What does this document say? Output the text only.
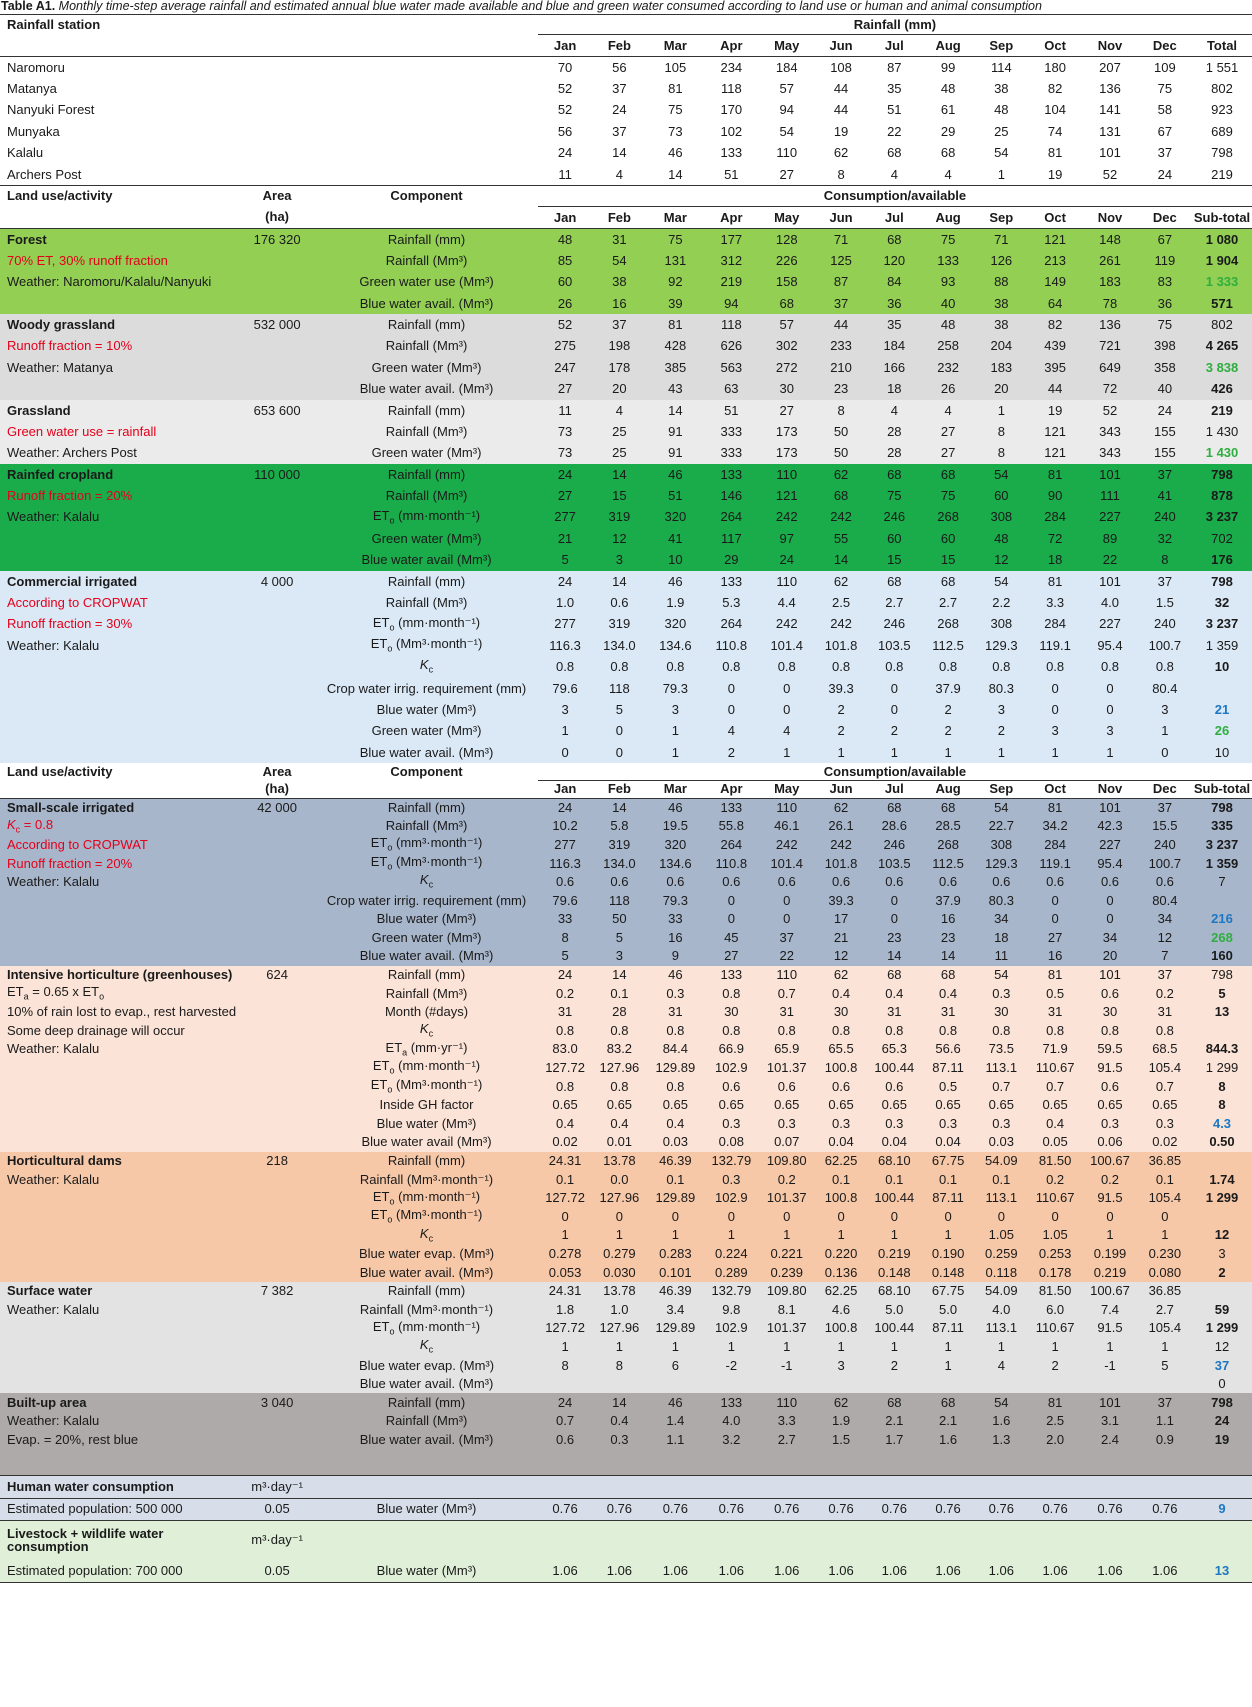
Table A1. Monthly time-step average rainfall and estimated annual blue water made available and blue and green water consumed according to land use or human and animal consumption
Rainfall station			Rainfall (mm)												
			Jan	Feb	Mar	Apr	May	Jun	Jul	Aug	Sep	Oct	Nov	Dec	Total
Naromoru			70	56	105	234	184	108	87	99	114	180	207	109	1 551
Matanya			52	37	81	118	57	44	35	48	38	82	136	75	802
Nanyuki Forest			52	24	75	170	94	44	51	61	48	104	141	58	923
Munyaka			56	37	73	102	54	19	22	29	25	74	131	67	689
Kalalu			24	14	46	133	110	62	68	68	54	81	101	37	798
Archers Post			11	4	14	51	27	8	4	4	1	19	52	24	219
Land use/activity	Area	Component	Consumption/available												
	(ha)		Jan	Feb	Mar	Apr	May	Jun	Jul	Aug	Sep	Oct	Nov	Dec	Sub-total
Forest	176 320	Rainfall (mm)	48	31	75	177	128	71	68	75	71	121	148	67	1 080
70% ET, 30% runoff fraction		Rainfall (Mm³)	85	54	131	312	226	125	120	133	126	213	261	119	1 904
Weather: Naromoru/Kalalu/Nanyuki		Green water use (Mm³)	60	38	92	219	158	87	84	93	88	149	183	83	1 333
		Blue water avail. (Mm³)	26	16	39	94	68	37	36	40	38	64	78	36	571
Woody grassland	532 000	Rainfall (mm)	52	37	81	118	57	44	35	48	38	82	136	75	802
Runoff fraction = 10%		Rainfall (Mm³)	275	198	428	626	302	233	184	258	204	439	721	398	4 265
Weather: Matanya		Green water (Mm³)	247	178	385	563	272	210	166	232	183	395	649	358	3 838
		Blue water avail. (Mm³)	27	20	43	63	30	23	18	26	20	44	72	40	426
Grassland	653 600	Rainfall (mm)	11	4	14	51	27	8	4	4	1	19	52	24	219
Green water use = rainfall		Rainfall (Mm³)	73	25	91	333	173	50	28	27	8	121	343	155	1 430
Weather: Archers Post		Green water (Mm³)	73	25	91	333	173	50	28	27	8	121	343	155	1 430
Rainfed cropland	110 000	Rainfall (mm)	24	14	46	133	110	62	68	68	54	81	101	37	798
Runoff fraction = 20%		Rainfall (Mm³)	27	15	51	146	121	68	75	75	60	90	111	41	878
Weather: Kalalu		$ET_o$ (mm·month⁻¹)	277	319	320	264	242	242	246	268	308	284	227	240	3 237
		Green water (Mm³)	21	12	41	117	97	55	60	60	48	72	89	32	702
		Blue water avail (Mm³)	5	3	10	29	24	14	15	15	12	18	22	8	176
Commercial irrigated	4 000	Rainfall (mm)	24	14	46	133	110	62	68	68	54	81	101	37	798
According to CROPWAT		Rainfall (Mm³)	1.0	0.6	1.9	5.3	4.4	2.5	2.7	2.7	2.2	3.3	4.0	1.5	32
Runoff fraction = 30%		$ET_o$ (mm·month⁻¹)	277	319	320	264	242	242	246	268	308	284	227	240	3 237
Weather: Kalalu		$ET_o$ (Mm³·month⁻¹)	116.3	134.0	134.6	110.8	101.4	101.8	103.5	112.5	129.3	119.1	95.4	100.7	1 359
		$K_c$	0.8	0.8	0.8	0.8	0.8	0.8	0.8	0.8	0.8	0.8	0.8	0.8	10
		Crop water irrig. requirement (mm)	79.6	118	79.3	0	0	39.3	0	37.9	80.3	0	0	80.4	
		Blue water (Mm³)	3	5	3	0	0	2	0	2	3	0	0	3	21
		Green water (Mm³)	1	0	1	4	4	2	2	2	2	3	3	1	26
		Blue water avail. (Mm³)	0	0	1	2	1	1	1	1	1	1	1	0	10
Land use/activity	Area	Component	Consumption/available												
	(ha)		Jan	Feb	Mar	Apr	May	Jun	Jul	Aug	Sep	Oct	Nov	Dec	Sub-total
Small-scale irrigated	42 000	Rainfall (mm)	24	14	46	133	110	62	68	68	54	81	101	37	798
$K_c = 0.8$		Rainfall (Mm³)	10.2	5.8	19.5	55.8	46.1	26.1	28.6	28.5	22.7	34.2	42.3	15.5	335
According to CROPWAT		$ET_o$ (mm³·month⁻¹)	277	319	320	264	242	242	246	268	308	284	227	240	3 237
Runoff fraction = 20%		$ET_o$ (Mm³·month⁻¹)	116.3	134.0	134.6	110.8	101.4	101.8	103.5	112.5	129.3	119.1	95.4	100.7	1 359
Weather: Kalalu		$K_c$	0.6	0.6	0.6	0.6	0.6	0.6	0.6	0.6	0.6	0.6	0.6	0.6	7
		Crop water irrig. requirement (mm)	79.6	118	79.3	0	0	39.3	0	37.9	80.3	0	0	80.4	
		Blue water (Mm³)	33	50	33	0	0	17	0	16	34	0	0	34	216
		Green water (Mm³)	8	5	16	45	37	21	23	23	18	27	34	12	268
		Blue water avail. (Mm³)	5	3	9	27	22	12	14	14	11	16	20	7	160
Intensive horticulture (greenhouses)	624	Rainfall (mm)	24	14	46	133	110	62	68	68	54	81	101	37	798
$ET_a = 0.65$ x $ET_o$		Rainfall (Mm³)	0.2	0.1	0.3	0.8	0.7	0.4	0.4	0.4	0.3	0.5	0.6	0.2	5
10% of rain lost to evap., rest harvested		Month (#days)	31	28	31	30	31	30	31	31	30	31	30	31	13
Some deep drainage will occur		$K_c$	0.8	0.8	0.8	0.8	0.8	0.8	0.8	0.8	0.8	0.8	0.8	0.8	
Weather: Kalalu		$ET_a$ (mm·yr⁻¹)	83.0	83.2	84.4	66.9	65.9	65.5	65.3	56.6	73.5	71.9	59.5	68.5	844.3
		$ET_o$ (mm·month⁻¹)	127.72	127.96	129.89	102.9	101.37	100.8	100.44	87.11	113.1	110.67	91.5	105.4	1 299
		$ET_o$ (Mm³·month⁻¹)	0.8	0.8	0.8	0.6	0.6	0.6	0.6	0.5	0.7	0.7	0.6	0.7	8
		Inside GH factor	0.65	0.65	0.65	0.65	0.65	0.65	0.65	0.65	0.65	0.65	0.65	0.65	8
		Blue water (Mm³)	0.4	0.4	0.4	0.3	0.3	0.3	0.3	0.3	0.3	0.4	0.3	0.3	4.3
		Blue water avail (Mm³)	0.02	0.01	0.03	0.08	0.07	0.04	0.04	0.04	0.03	0.05	0.06	0.02	0.50
Horticultural dams	218	Rainfall (mm)	24.31	13.78	46.39	132.79	109.80	62.25	68.10	67.75	54.09	81.50	100.67	36.85	
Weather: Kalalu		Rainfall (Mm³·month⁻¹)	0.1	0.0	0.1	0.3	0.2	0.1	0.1	0.1	0.1	0.2	0.2	0.1	1.74
		$ET_o$ (mm·month⁻¹)	127.72	127.96	129.89	102.9	101.37	100.8	100.44	87.11	113.1	110.67	91.5	105.4	1 299
		$ET_o$ (Mm³·month⁻¹)	0	0	0	0	0	0	0	0	0	0	0	0	
		$K_c$	1	1	1	1	1	1	1	1	1.05	1.05	1	1	12
		Blue water evap. (Mm³)	0.278	0.279	0.283	0.224	0.221	0.220	0.219	0.190	0.259	0.253	0.199	0.230	3
		Blue water avail. (Mm³)	0.053	0.030	0.101	0.289	0.239	0.136	0.148	0.148	0.118	0.178	0.219	0.080	2
Surface water	7 382	Rainfall (mm)	24.31	13.78	46.39	132.79	109.80	62.25	68.10	67.75	54.09	81.50	100.67	36.85	
Weather: Kalalu		Rainfall (Mm³·month⁻¹)	1.8	1.0	3.4	9.8	8.1	4.6	5.0	5.0	4.0	6.0	7.4	2.7	59
		$ET_o$ (mm·month⁻¹)	127.72	127.96	129.89	102.9	101.37	100.8	100.44	87.11	113.1	110.67	91.5	105.4	1 299
		$K_c$	1	1	1	1	1	1	1	1	1	1	1	1	12
		Blue water evap. (Mm³)	8	8	6	-2	-1	3	2	1	4	2	-1	5	37
		Blue water avail. (Mm³)													0
Built-up area	3 040	Rainfall (mm)	24	14	46	133	110	62	68	68	54	81	101	37	798
Weather: Kalalu		Rainfall (Mm³)	0.7	0.4	1.4	4.0	3.3	1.9	2.1	2.1	1.6	2.5	3.1	1.1	24
Evap. = 20%, rest blue		Blue water avail. (Mm³)	0.6	0.3	1.1	3.2	2.7	1.5	1.7	1.6	1.3	2.0	2.4	0.9	19

Human water consumption	m³·day⁻¹														
Estimated population: 500 000	0.05	Blue water (Mm³)	0.76	0.76	0.76	0.76	0.76	0.76	0.76	0.76	0.76	0.76	0.76	0.76	9
Livestock + wildlife water consumption	m³·day⁻¹														
Estimated population: 700 000	0.05	Blue water (Mm³)	1.06	1.06	1.06	1.06	1.06	1.06	1.06	1.06	1.06	1.06	1.06	1.06	13
